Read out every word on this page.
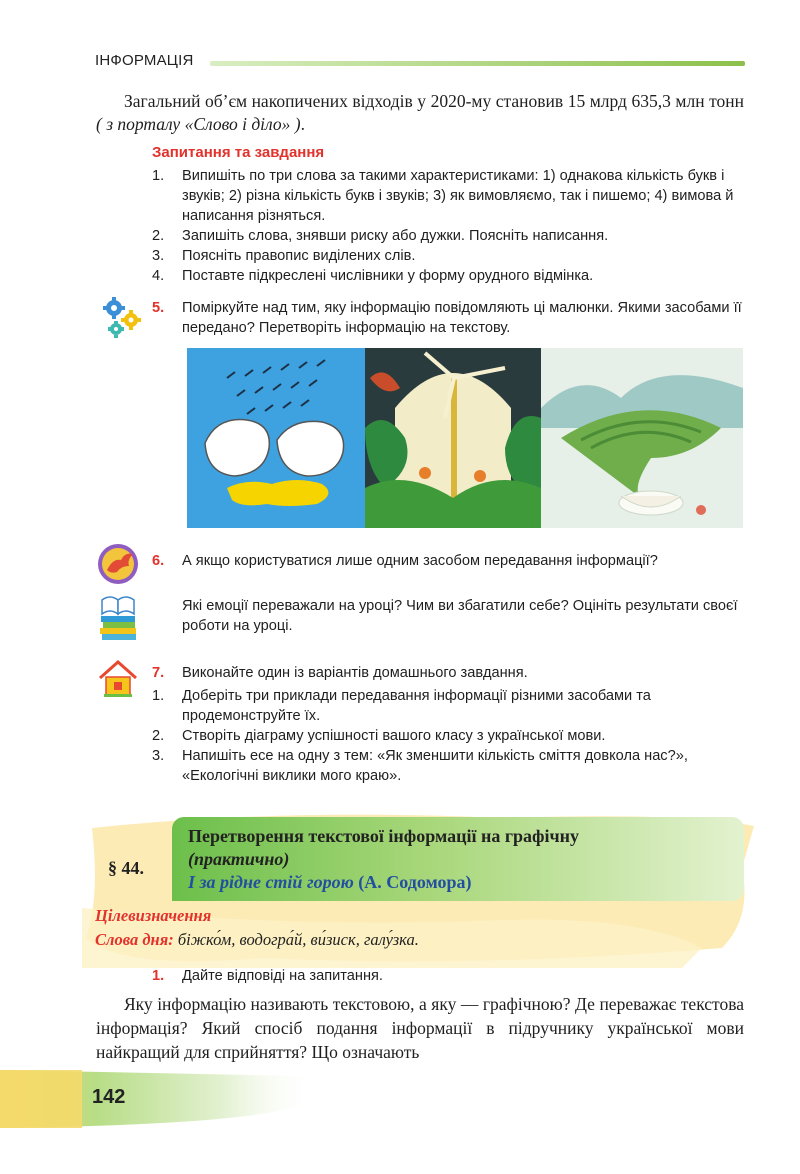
ІНФОРМАЦІЯ
Загальний об’єм накопичених відходів у 2020-му становив 15 млрд 635,3 млн тонн ( з порталу «Слово і діло» ).
Запитання та завдання
1.	Випишіть по три слова за такими характеристиками: 1) однакова кількість букв і звуків; 2) різна кількість букв і звуків; 3) як вимовляємо, так і пишемо; 4) вимова й написання різняться.
2.	Запишіть слова, знявши риску або дужки. Поясніть написання.
3.	Поясніть правопис виділених слів.
4.	Поставте підкреслені числівники у форму орудного відмінка.
5. Поміркуйте над тим, яку інформацію повідомляють ці малюнки. Якими засобами її передано? Перетворіть інформацію на текстову.
6. А якщо користуватися лише одним засобом передавання інформації?
Які емоції переважали на уроці? Чим ви збагатили себе? Оцініть результати своєї роботи на уроці.
7. Виконайте один із варіантів домашнього завдання.
1.	Доберіть три приклади передавання інформації різними засобами та продемонструйте їх.
2.	Створіть діаграму успішності вашого класу з української мови.
3.	Напишіть есе на одну з тем: «Як зменшити кількість сміття довкола нас?», «Екологічні виклики мого краю».
§ 44.
Перетворення текстової інформації на графічну
(практично)
І за рідне стій горою (А. Содомора)
Цілевизначення
Слова дня: біжко́м, водогра́й, ви́зиск, галу́зка.
1. Дайте відповіді на запитання.
Яку інформацію називають текстовою, а яку — графічною? Де переважає текстова інформація? Який спосіб подання інформації в підручнику української мови найкращий для сприйняття? Що означають
142
